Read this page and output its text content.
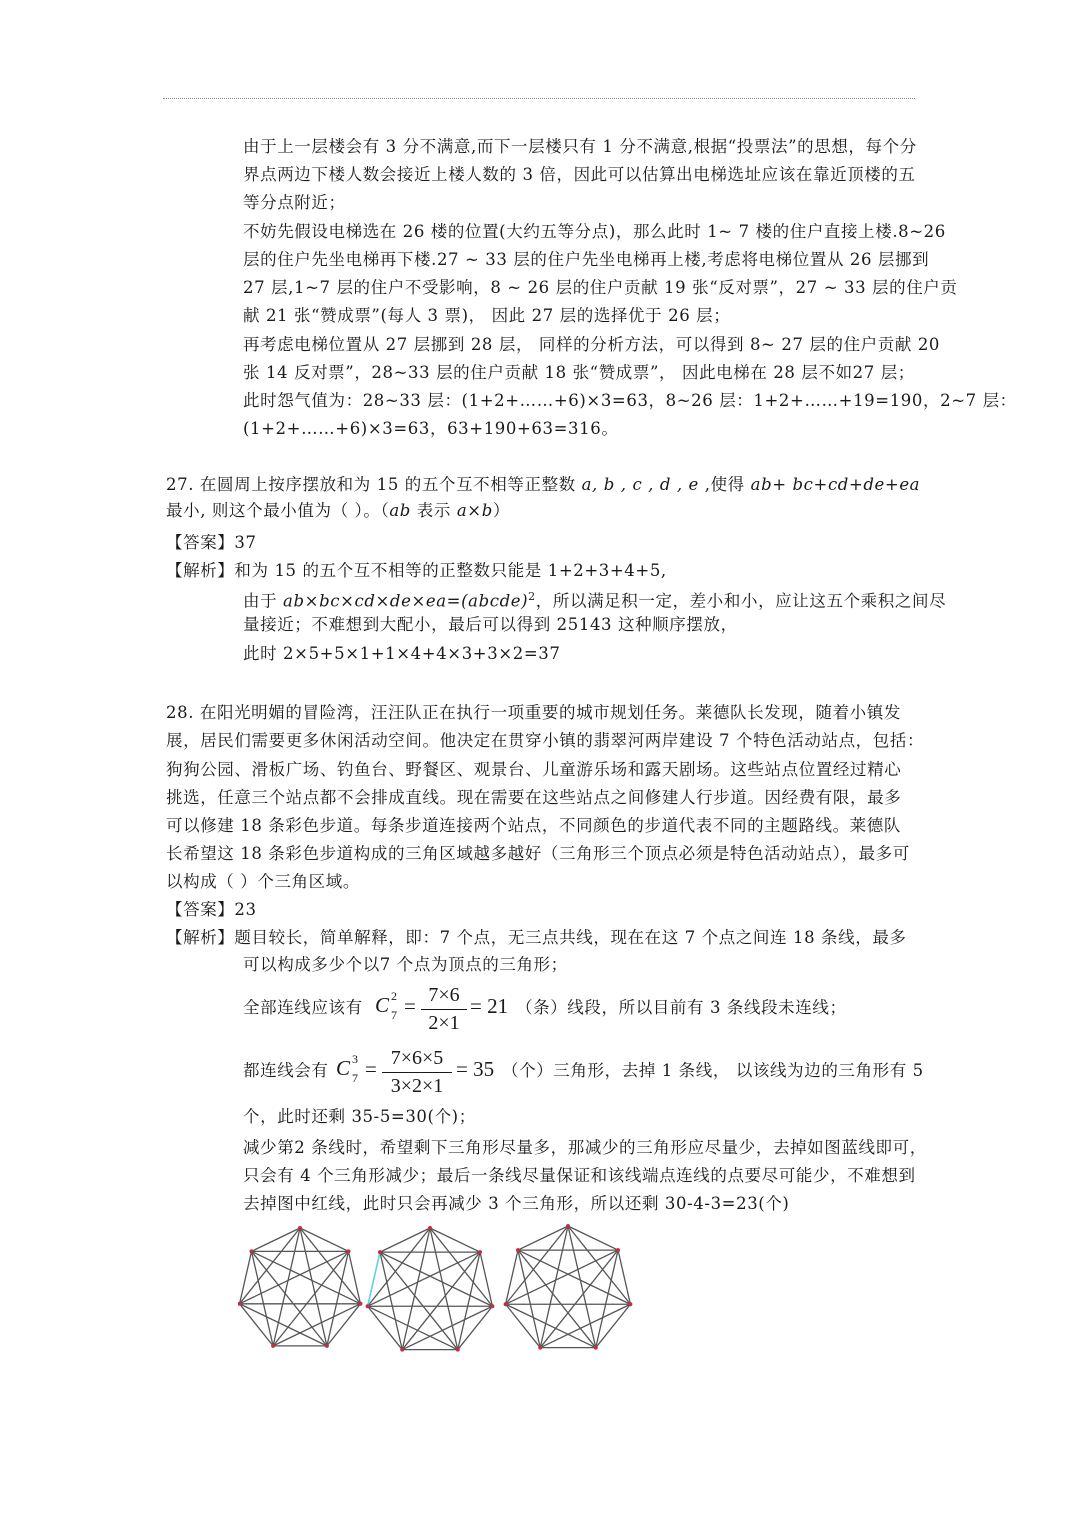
由于上一层楼会有 3 分不满意,而下一层楼只有 1 分不满意,根据“投票法”的思想，每个分
界点两边下楼人数会接近上楼人数的 3 倍，因此可以估算出电梯选址应该在靠近顶楼的五
等分点附近；
不妨先假设电梯选在 26 楼的位置(大约五等分点)，那么此时 1~ 7 楼的住户直接上楼.8~26
层的住户先坐电梯再下楼.27 ~ 33 层的住户先坐电梯再上楼,考虑将电梯位置从 26 层挪到
27 层,1~7 层的住户不受影响，8 ~ 26 层的住户贡献 19 张“反对票”，27 ~ 33 层的住户贡
献 21 张“赞成票”(每人 3 票)， 因此 27 层的选择优于 26 层；
再考虑电梯位置从 27 层挪到 28 层， 同样的分析方法，可以得到 8~ 27 层的住户贡献 20
张 14 反对票”，28~33 层的住户贡献 18 张“赞成票”， 因此电梯在 28 层不如27 层；
此时怨气值为：28~33 层：(1+2+……+6)×3=63，8~26 层：1+2+……+19=190，2~7 层：
(1+2+……+6)×3=63，63+190+63=316。
27. 在圆周上按序摆放和为 15 的五个互不相等正整数 a, b , c , d , e ,使得 ab+ bc+cd+de+ea
最小, 则这个最小值为（ ）。（ab 表示 a×b）
【答案】37
【解析】和为 15 的五个互不相等的正整数只能是 1+2+3+4+5,
由于 ab×bc×cd×de×ea=(abcde)$^2$，所以满足积一定，差小和小，应让这五个乘积之间尽
量接近；不难想到大配小，最后可以得到 25143 这种顺序摆放，
此时 2×5+5×1+1×4+4×3+3×2=37
28. 在阳光明媚的冒险湾，汪汪队正在执行一项重要的城市规划任务。莱德队长发现，随着小镇发
展，居民们需要更多休闲活动空间。他决定在贯穿小镇的翡翠河两岸建设 7 个特色活动站点，包括：
狗狗公园、滑板广场、钓鱼台、野餐区、观景台、儿童游乐场和露天剧场。这些站点位置经过精心
挑选，任意三个站点都不会排成直线。现在需要在这些站点之间修建人行步道。因经费有限，最多
可以修建 18 条彩色步道。每条步道连接两个站点，不同颜色的步道代表不同的主题路线。莱德队
长希望这 18 条彩色步道构成的三角区域越多越好（三角形三个顶点必须是特色活动站点），最多可
以构成（ ）个三角区域。
【答案】23
【解析】题目较长，简单解释，即：7 个点，无三点共线，现在在这 7 个点之间连 18 条线，最多
可以构成多少个以7 个点为顶点的三角形；
全部连线应该有 C 2
7 = 7×6
2×1
= 21 （条）线段，所以目前有 3 条线段未连线；
都连线会有 C 3
7 = 7×6×5
3×2×1
= 35 （个）三角形，去掉 1 条线， 以该线为边的三角形有 5
个，此时还剩 35-5=30(个)；
减少第2 条线时，希望剩下三角形尽量多，那减少的三角形应尽量少，去掉如图蓝线即可，
只会有 4 个三角形减少；最后一条线尽量保证和该线端点连线的点要尽可能少，不难想到
去掉图中红线，此时只会再减少 3 个三角形，所以还剩 30-4-3=23(个)
